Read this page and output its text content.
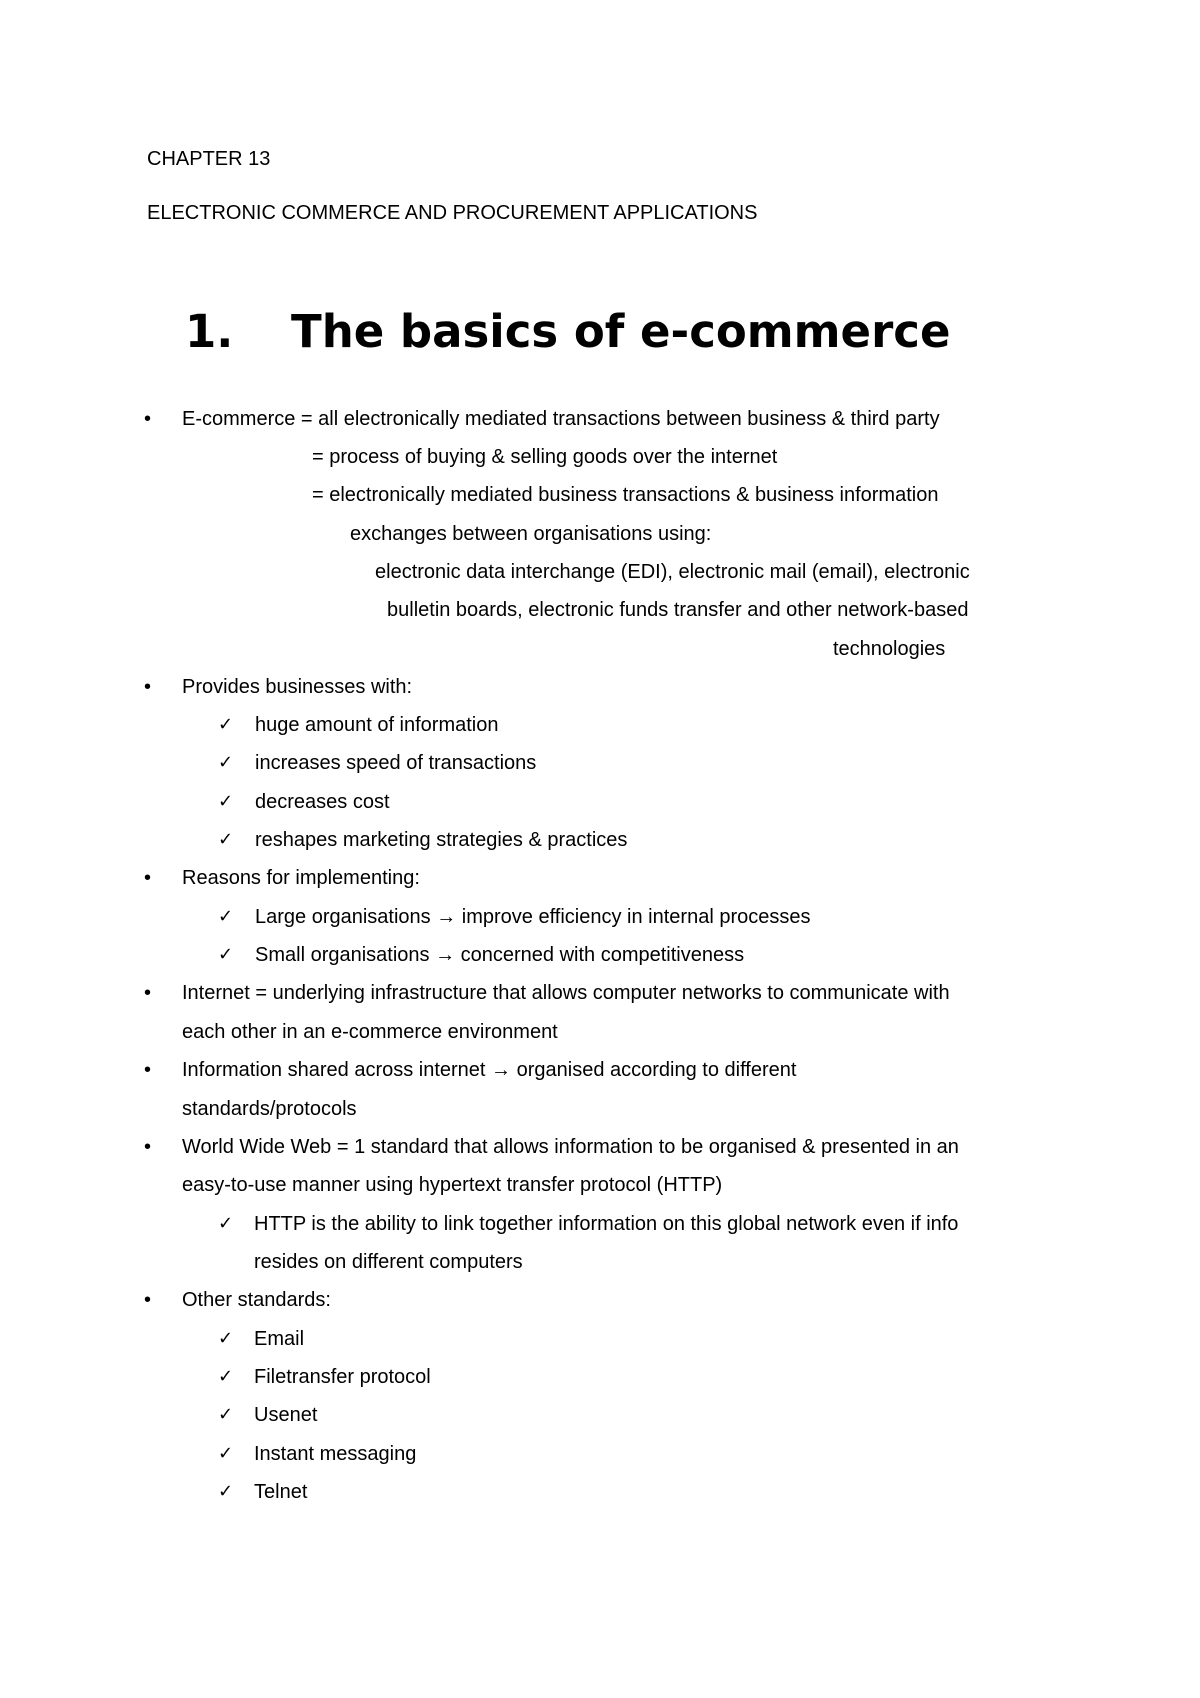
CHAPTER 13
ELECTRONIC COMMERCE AND PROCUREMENT APPLICATIONS
1. The basics of e-commerce
• E-commerce = all electronically mediated transactions between business & third party
= process of buying & selling goods over the internet
= electronically mediated business transactions & business information
exchanges between organisations using:
electronic data interchange (EDI), electronic mail (email), electronic
bulletin boards, electronic funds transfer and other network-based
technologies
• Provides businesses with:
✓ huge amount of information
✓ increases speed of transactions
✓ decreases cost
✓ reshapes marketing strategies & practices
• Reasons for implementing:
✓ Large organisations → improve efficiency in internal processes
✓ Small organisations → concerned with competitiveness
• Internet = underlying infrastructure that allows computer networks to communicate with
each other in an e-commerce environment
• Information shared across internet → organised according to different
standards/protocols
• World Wide Web = 1 standard that allows information to be organised & presented in an
easy-to-use manner using hypertext transfer protocol (HTTP)
✓ HTTP is the ability to link together information on this global network even if info
resides on different computers
• Other standards:
✓ Email
✓ Filetransfer protocol
✓ Usenet
✓ Instant messaging
✓ Telnet
